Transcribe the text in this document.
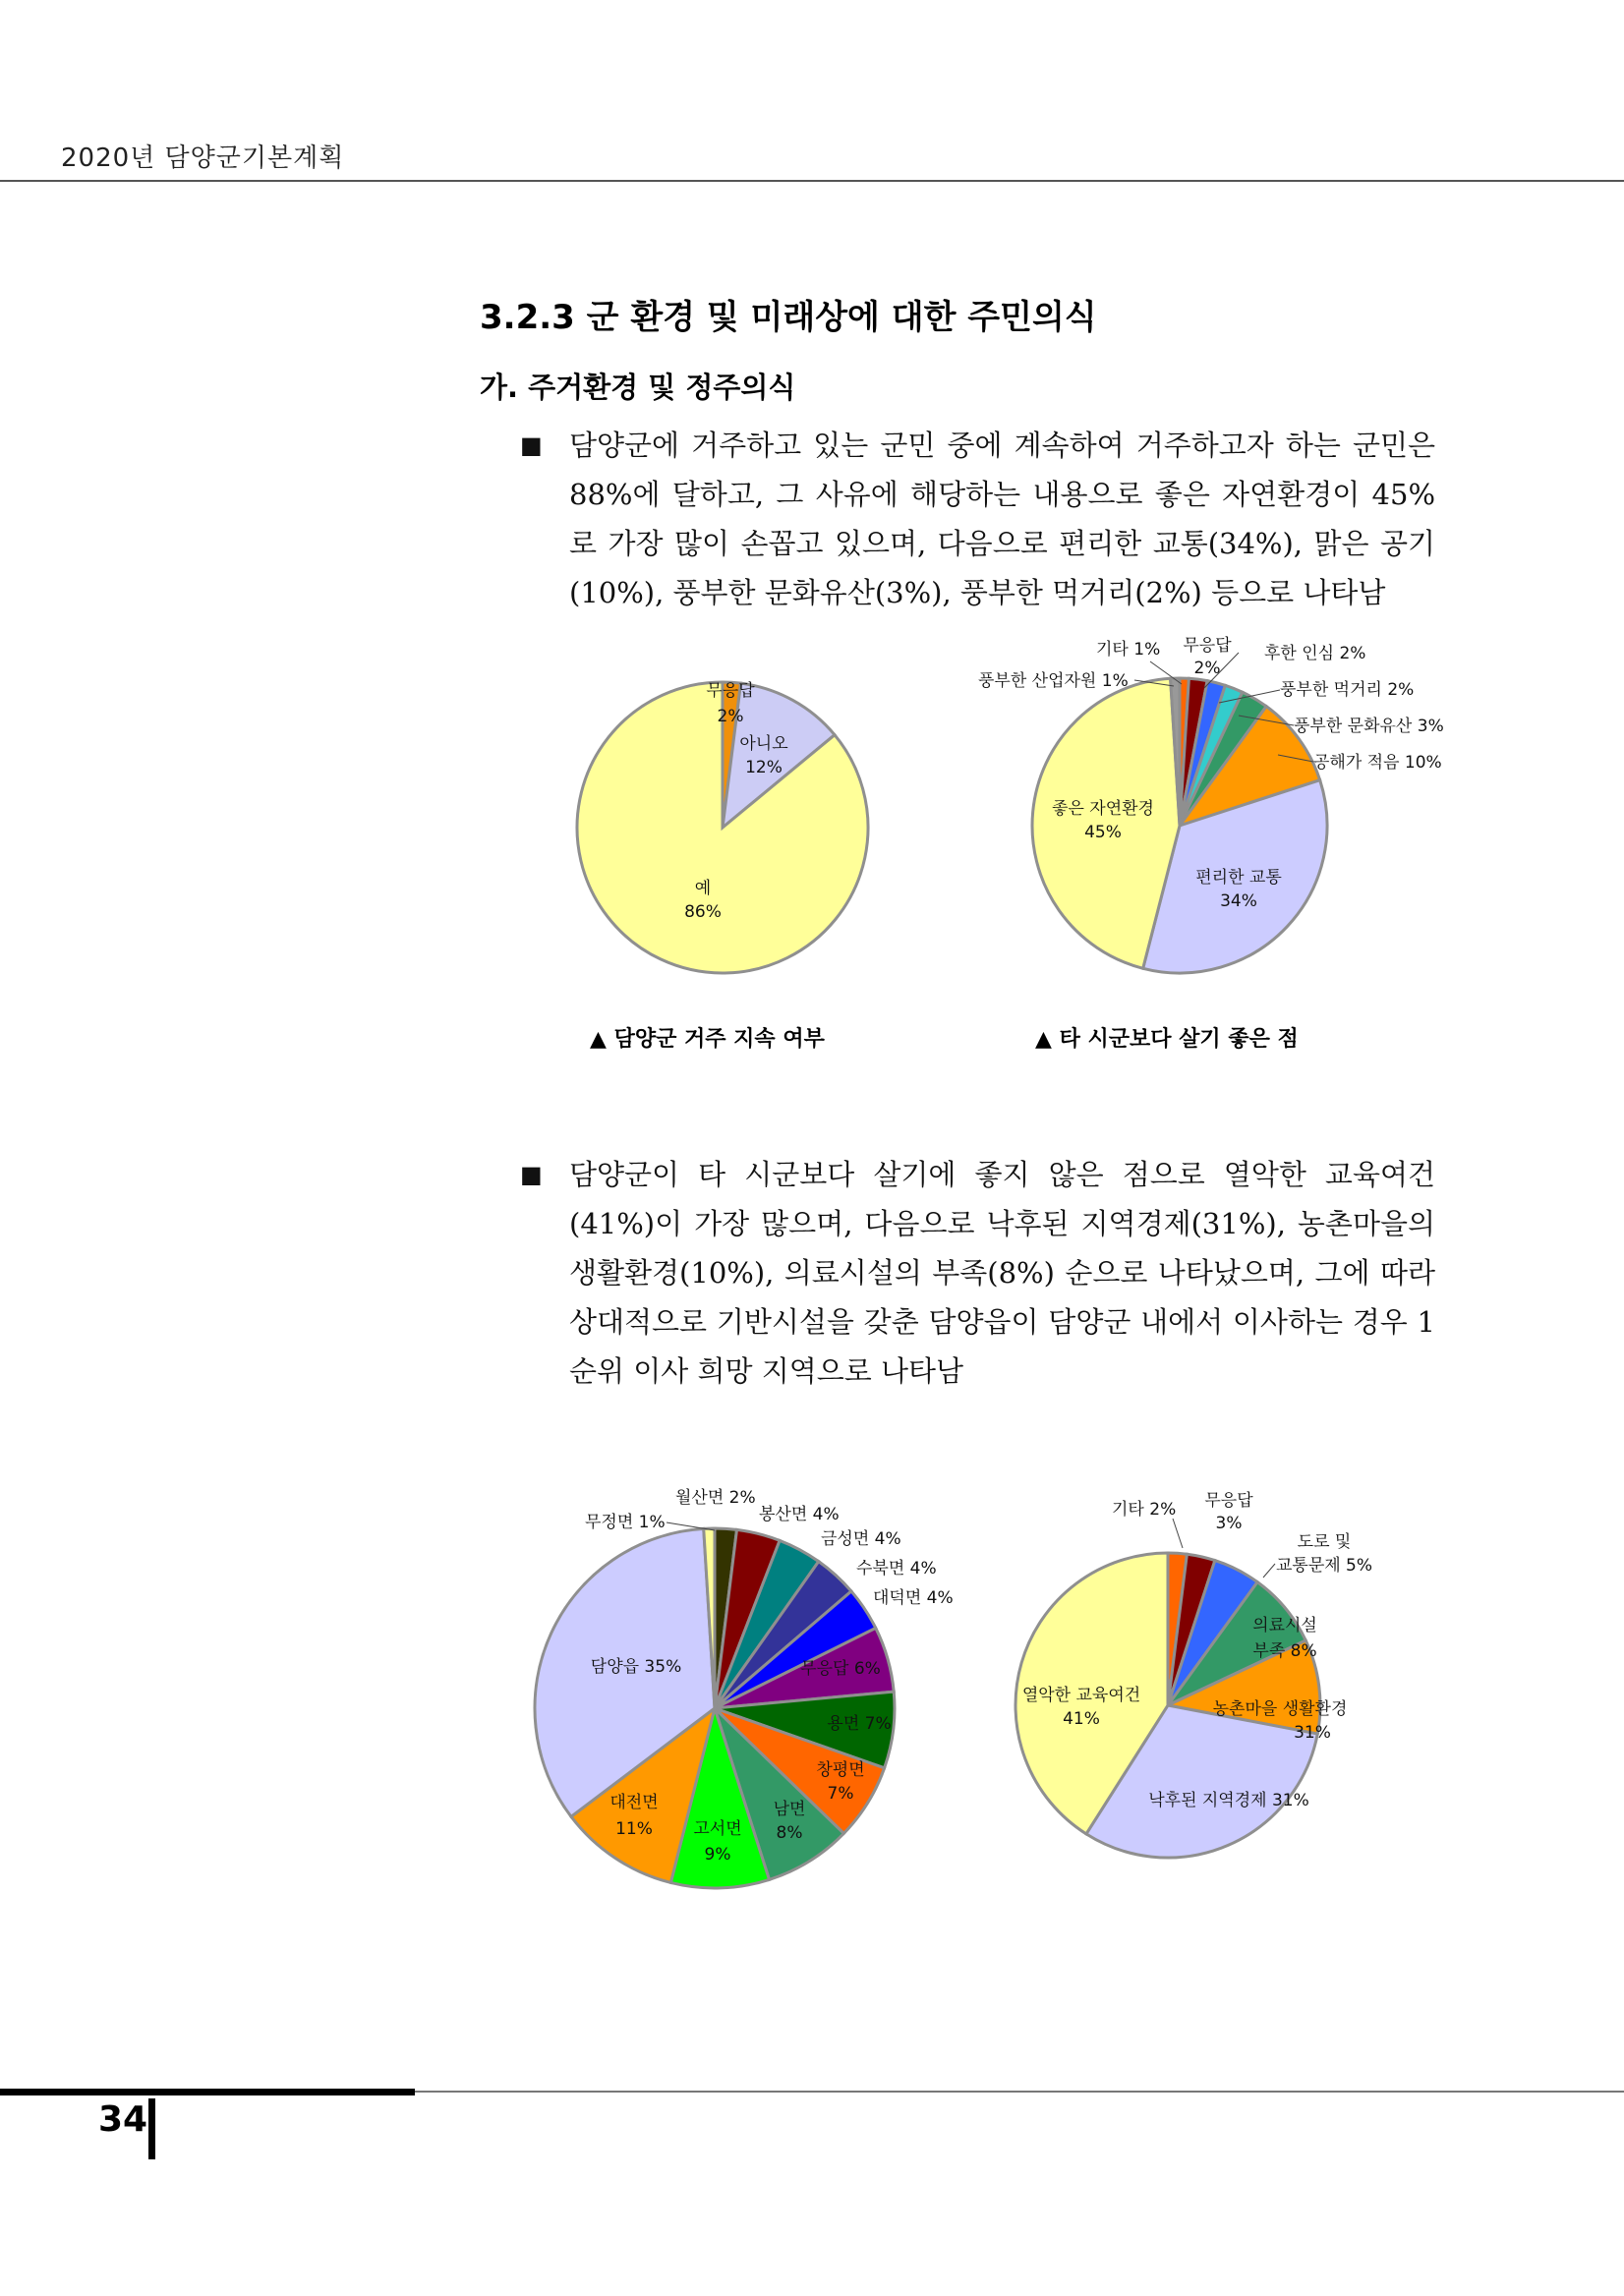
2020년 담양군기본계획
3.2.3 군 환경 및 미래상에 대한 주민의식
가. 주거환경 및 정주의식
■ 담양군에 거주하고 있는 군민 중에 계속하여 거주하고자 하는 군민은 88%에 달하고, 그 사유에 해당하는 내용으로 좋은 자연환경이 45%로 가장 많이 손꼽고 있으며, 다음으로 편리한 교통(34%), 맑은 공기(10%), 풍부한 문화유산(3%), 풍부한 먹거리(2%) 등으로 나타남
무응답
2%
아니오
12%
예
86%
▲ 담양군 거주 지속 여부
기타 1% 무응답
2%
후한 인심 2%
풍부한 먹거리 2%
풍부한 문화유산 3%
공해가 적음 10%
풍부한 산업자원 1%
좋은 자연환경
45%
편리한 교통
34%
▲ 타 시군보다 살기 좋은 점
■ 담양군이 타 시군보다 살기에 좋지 않은 점으로 열악한 교육여건(41%)이 가장 많으며, 다음으로 낙후된 지역경제(31%), 농촌마을의 생활환경(10%), 의료시설의 부족(8%) 순으로 나타났으며, 그에 따라 상대적으로 기반시설을 갖춘 담양읍이 담양군 내에서 이사하는 경우 1순위 이사 희망 지역으로 나타남
월산면 2%
봉산면 4%
금성면 4%
수북면 4%
대덕면 4%
무정면 1%
무응답 6%
용면 7%
창평면
7%
남면
8%
고서면
9%
대전면
11%
담양읍 35%
기타 2% 무응답
3%
도로 및
교통문제 5%
의료시설
부족 8%
농촌마을 생활환경
31%
낙후된 지역경제 31%
열악한 교육여건
41%
34
